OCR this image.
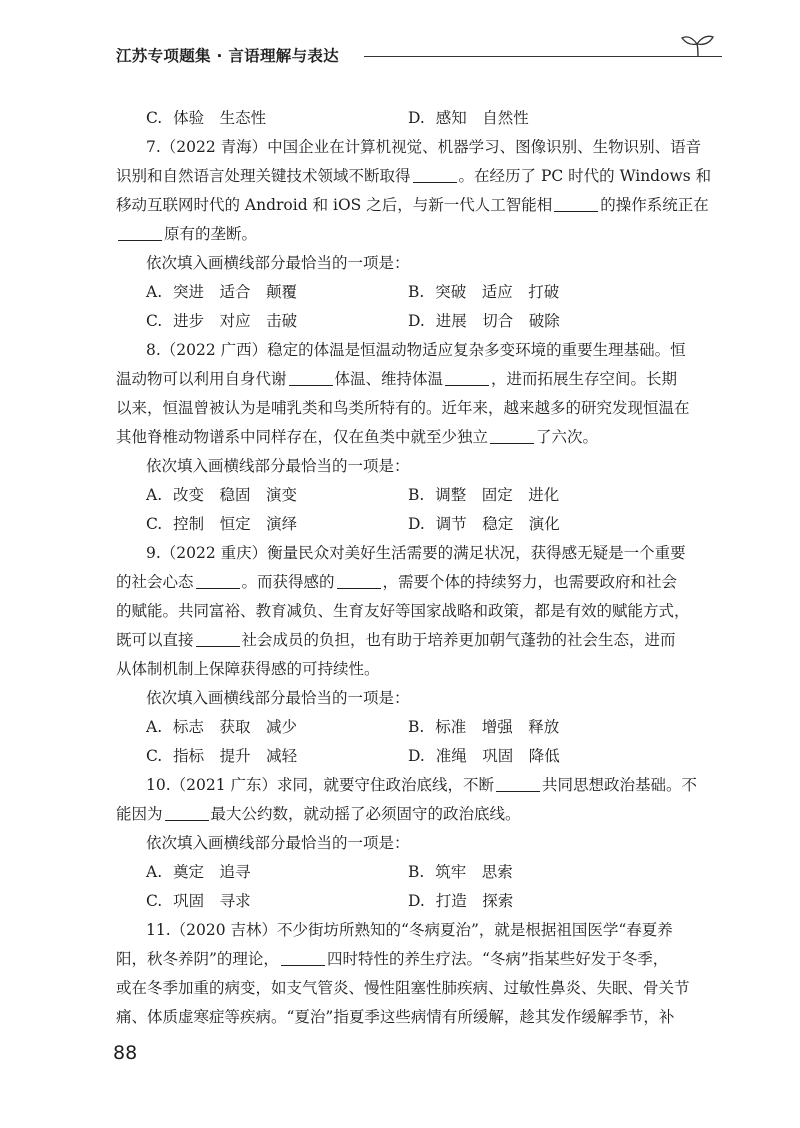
江苏专项题集 · 言语理解与表达
C. 体验　生态性	D. 感知　自然性
7.（2022 青海）中国企业在计算机视觉、机器学习、图像识别、生物识别、语音
识别和自然语言处理关键技术领域不断取得	。在经历了 PC 时代的 Windows 和
移动互联网时代的 Android 和 iOS 之后，与新一代人工智能相	的操作系统正在
原有的垄断。
依次填入画横线部分最恰当的一项是：
A. 突进　适合　颠覆	B. 突破　适应　打破
C. 进步　对应　击破	D. 进展　切合　破除
8.（2022 广西）稳定的体温是恒温动物适应复杂多变环境的重要生理基础。恒
温动物可以利用自身代谢	体温、维持体温	，进而拓展生存空间。长期
以来，恒温曾被认为是哺乳类和鸟类所特有的。近年来，越来越多的研究发现恒温在
其他脊椎动物谱系中同样存在，仅在鱼类中就至少独立	了六次。
依次填入画横线部分最恰当的一项是：
A. 改变　稳固　演变	B. 调整　固定　进化
C. 控制　恒定　演绎	D. 调节　稳定　演化
9.（2022 重庆）衡量民众对美好生活需要的满足状况，获得感无疑是一个重要
的社会心态	。而获得感的	，需要个体的持续努力，也需要政府和社会
的赋能。共同富裕、教育减负、生育友好等国家战略和政策，都是有效的赋能方式，
既可以直接	社会成员的负担，也有助于培养更加朝气蓬勃的社会生态，进而
从体制机制上保障获得感的可持续性。
依次填入画横线部分最恰当的一项是：
A. 标志　获取　减少	B. 标准　增强　释放
C. 指标　提升　减轻	D. 准绳　巩固　降低
10.（2021 广东）求同，就要守住政治底线，不断	共同思想政治基础。不
能因为	最大公约数，就动摇了必须固守的政治底线。
依次填入画横线部分最恰当的一项是：
A. 奠定　追寻	B. 筑牢　思索
C. 巩固　寻求	D. 打造　探索
11.（2020 吉林）不少街坊所熟知的“冬病夏治”，就是根据祖国医学“春夏养
阳，秋冬养阴”的理论，	四时特性的养生疗法。“冬病”指某些好发于冬季，
或在冬季加重的病变，如支气管炎、慢性阻塞性肺疾病、过敏性鼻炎、失眠、骨关节
痛、体质虚寒症等疾病。“夏治”指夏季这些病情有所缓解，趁其发作缓解季节，补
88
